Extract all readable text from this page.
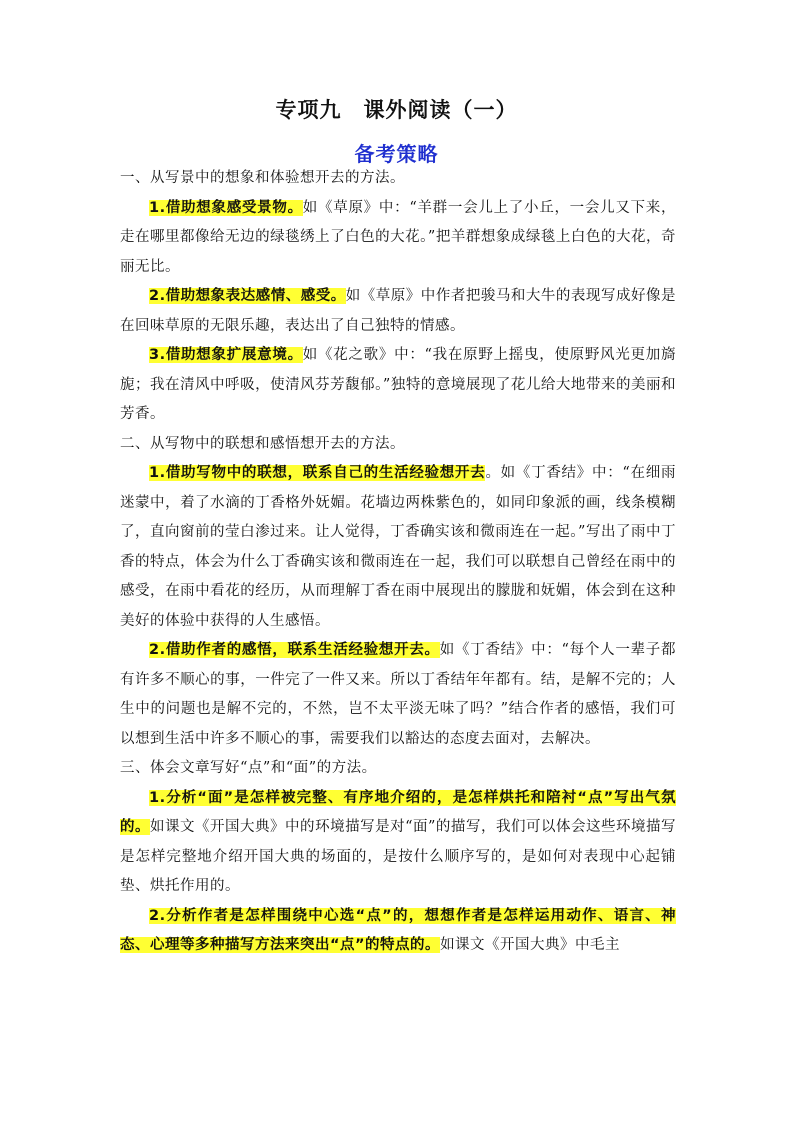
专项九　课外阅读（一）
备考策略

一、从写景中的想象和体验想开去的方法。

1.借助想象感受景物。如《草原》中：“羊群一会儿上了小丘，一会儿又下来，走在哪里都像给无边的绿毯绣上了白色的大花。”把羊群想象成绿毯上白色的大花，奇丽无比。

2.借助想象表达感情、感受。如《草原》中作者把骏马和大牛的表现写成好像是在回味草原的无限乐趣，表达出了自己独特的情感。

3.借助想象扩展意境。如《花之歌》中：“我在原野上摇曳，使原野风光更加旖旎；我在清风中呼吸，使清风芬芳馥郁。”独特的意境展现了花儿给大地带来的美丽和芳香。

二、从写物中的联想和感悟想开去的方法。

1.借助写物中的联想，联系自己的生活经验想开去。如《丁香结》中：“在细雨迷蒙中，着了水滴的丁香格外妩媚。花墙边两株紫色的，如同印象派的画，线条模糊了，直向窗前的莹白渗过来。让人觉得，丁香确实该和微雨连在一起。”写出了雨中丁香的特点，体会为什么丁香确实该和微雨连在一起，我们可以联想自己曾经在雨中的感受，在雨中看花的经历，从而理解丁香在雨中展现出的朦胧和妩媚，体会到在这种美好的体验中获得的人生感悟。

2.借助作者的感悟，联系生活经验想开去。如《丁香结》中：“每个人一辈子都有许多不顺心的事，一件完了一件又来。所以丁香结年年都有。结，是解不完的；人生中的问题也是解不完的，不然，岂不太平淡无味了吗？”结合作者的感悟，我们可以想到生活中许多不顺心的事，需要我们以豁达的态度去面对，去解决。

三、体会文章写好“点”和“面”的方法。

1.分析“面”是怎样被完整、有序地介绍的，是怎样烘托和陪衬“点”写出气氛的。如课文《开国大典》中的环境描写是对“面”的描写，我们可以体会这些环境描写是怎样完整地介绍开国大典的场面的，是按什么顺序写的，是如何对表现中心起铺垫、烘托作用的。

2.分析作者是怎样围绕中心选“点”的，想想作者是怎样运用动作、语言、神态、心理等多种描写方法来突出“点”的特点的。如课文《开国大典》中毛主
